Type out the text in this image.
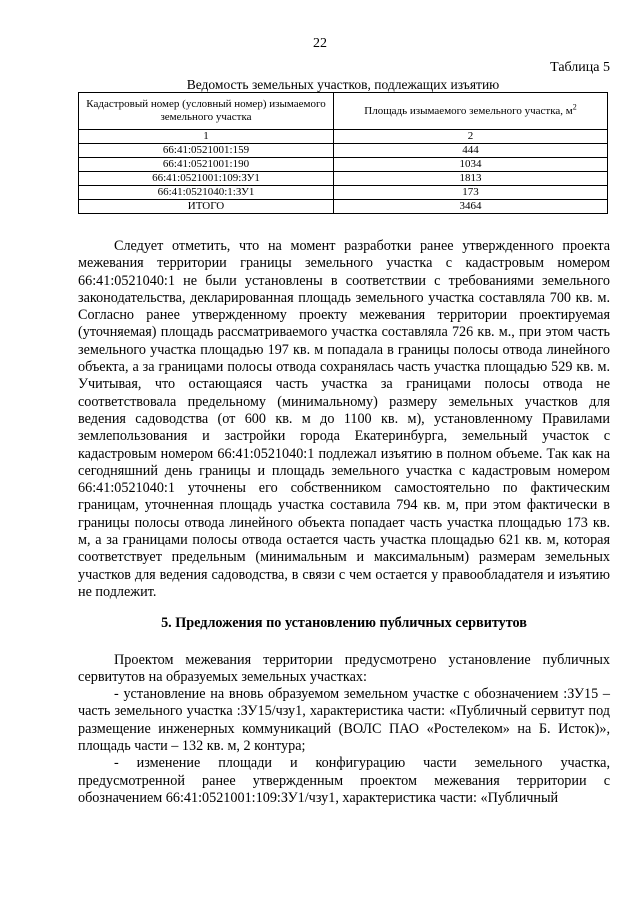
22
Таблица 5
Ведомость земельных участков, подлежащих изъятию
Кадастровый номер (условный номер) изымаемого земельного участка	Площадь изымаемого земельного участка, $м^2$
1	2
66:41:0521001:159	444
66:41:0521001:190	1034
66:41:0521001:109:ЗУ1	1813
66:41:0521040:1:ЗУ1	173
ИТОГО	3464

Следует отметить, что на момент разработки ранее утвержденного проекта межевания территории границы земельного участка с кадастровым номером 66:41:0521040:1 не были установлены в соответствии с требованиями земельного законодательства, декларированная площадь земельного участка составляла 700 кв. м. Согласно ранее утвержденному проекту межевания территории проектируемая (уточняемая) площадь рассматриваемого участка составляла 726 кв. м., при этом часть земельного участка площадью 197 кв. м попадала в границы полосы отвода линейного объекта, а за границами полосы отвода сохранялась часть участка площадью 529 кв. м. Учитывая, что остающаяся часть участка за границами полосы отвода не соответствовала предельному (минимальному) размеру земельных участков для ведения садоводства (от 600 кв. м до 1100 кв. м), установленному Правилами землепользования и застройки города Екатеринбурга, земельный участок с кадастровым номером 66:41:0521040:1 подлежал изъятию в полном объеме. Так как на сегодняшний день границы и площадь земельного участка с кадастровым номером 66:41:0521040:1 уточнены его собственником самостоятельно по фактическим границам, уточненная площадь участка составила 794 кв. м, при этом фактически в границы полосы отвода линейного объекта попадает часть участка площадью 173 кв. м, а за границами полосы отвода остается часть участка площадью 621 кв. м, которая соответствует предельным (минимальным и максимальным) размерам земельных участков для ведения садоводства, в связи с чем остается у правообладателя и изъятию не подлежит.

5. Предложения по установлению публичных сервитутов

Проектом межевания территории предусмотрено установление публичных сервитутов на образуемых земельных участках:

- установление на вновь образуемом земельном участке с обозначением :ЗУ15 – часть земельного участка :ЗУ15/чзу1, характеристика части: «Публичный сервитут под размещение инженерных коммуникаций (ВОЛС ПАО «Ростелеком» на Б. Исток)», площадь части – 132 кв. м, 2 контура;

- изменение площади и конфигурацию части земельного участка, предусмотренной ранее утвержденным проектом межевания территории с обозначением 66:41:0521001:109:ЗУ1/чзу1, характеристика части: «Публичный
